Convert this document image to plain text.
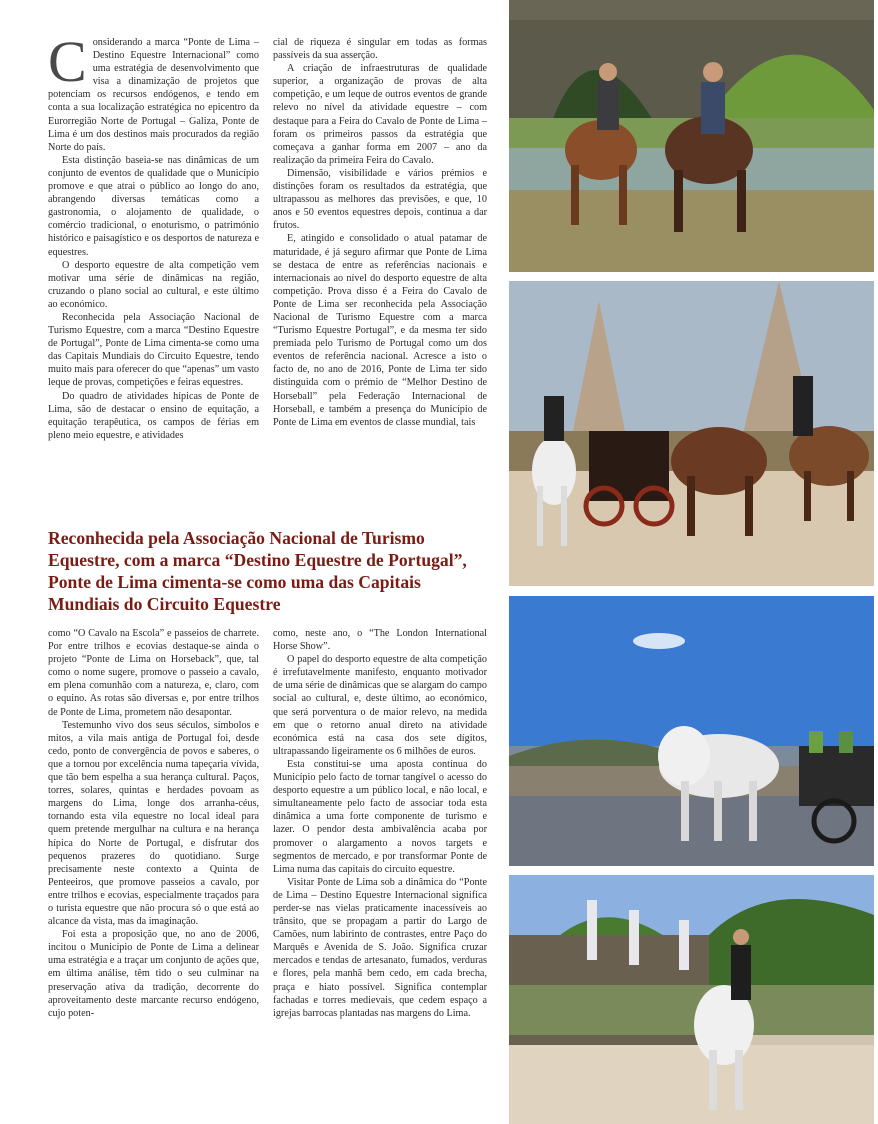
C onsiderando a marca “Ponte de Lima – Destino Equestre Internacional” como uma estratégia de desenvolvimento que visa a dinamização de projetos que potenciam os recursos endógenos, e tendo em conta a sua localização estratégica no epicentro da Eurorregião Norte de Portugal – Galiza, Ponte de Lima é um dos destinos mais procurados da região Norte do país.

Esta distinção baseia-se nas dinâmicas de um conjunto de eventos de qualidade que o Município promove e que atrai o público ao longo do ano, abrangendo diversas temáticas como a gastronomia, o alojamento de qualidade, o comércio tradicional, o enoturismo, o património histórico e paisagístico e os desportos de natureza e equestres.

O desporto equestre de alta competição vem motivar uma série de dinâmicas na região, cruzando o plano social ao cultural, e este último ao económico.

Reconhecida pela Associação Nacional de Turismo Equestre, com a marca “Destino Equestre de Portugal”, Ponte de Lima cimenta-se como uma das Capitais Mundiais do Circuito Equestre, tendo muito mais para oferecer do que “apenas” um vasto leque de provas, competições e feiras equestres.

Do quadro de atividades hípicas de Ponte de Lima, são de destacar o ensino de equitação, a equitação terapêutica, os campos de férias em pleno meio equestre, e atividades

cial de riqueza é singular em todas as formas passíveis da sua asserção.

A criação de infraestruturas de qualidade superior, a organização de provas de alta competição, e um leque de outros eventos de grande relevo no nível da atividade equestre – com destaque para a Feira do Cavalo de Ponte de Lima – foram os primeiros passos da estratégia que começava a ganhar forma em 2007 – ano da realização da primeira Feira do Cavalo.

Dimensão, visibilidade e vários prémios e distinções foram os resultados da estratégia, que ultrapassou as melhores das previsões, e que, 10 anos e 50 eventos equestres depois, continua a dar frutos.

E, atingido e consolidado o atual patamar de maturidade, é já seguro afirmar que Ponte de Lima se destaca de entre as referências nacionais e internacionais ao nível do desporto equestre de alta competição. Prova disso é a Feira do Cavalo de Ponte de Lima ser reconhecida pela Associação Nacional de Turismo Equestre com a marca “Turismo Equestre Portugal”, e da mesma ter sido premiada pelo Turismo de Portugal como um dos eventos de referência nacional. Acresce a isto o facto de, no ano de 2016, Ponte de Lima ter sido distinguida com o prémio de “Melhor Destino de Horseball” pela Federação Internacional de Horseball, e também a presença do Município de Ponte de Lima em eventos de classe mundial, tais

Reconhecida pela Associação Nacional de Turismo Equestre, com a marca “Destino Equestre de Portugal”, Ponte de Lima cimenta-se como uma das Capitais Mundiais do Circuito Equestre

como “O Cavalo na Escola” e passeios de charrete. Por entre trilhos e ecovias destaque-se ainda o projeto “Ponte de Lima on Horseback”, que, tal como o nome sugere, promove o passeio a cavalo, em plena comunhão com a natureza, e, claro, com o equino. As rotas são diversas e, por entre trilhos de Ponte de Lima, prometem não desapontar.

Testemunho vivo dos seus séculos, símbolos e mitos, a vila mais antiga de Portugal foi, desde cedo, ponto de convergência de povos e saberes, o que a tornou por excelência numa tapeçaria vívida, que tão bem espelha a sua herança cultural. Paços, torres, solares, quintas e herdades povoam as margens do Lima, longe dos arranha-céus, tornando esta vila equestre no local ideal para quem pretende mergulhar na cultura e na herança hípica do Norte de Portugal, e disfrutar dos pequenos prazeres do quotidiano. Surge precisamente neste contexto a Quinta de Penteeiros, que promove passeios a cavalo, por entre trilhos e ecovias, especialmente traçados para o turista equestre que não procura só o que está ao alcance da vista, mas da imaginação.

Foi esta a proposição que, no ano de 2006, incitou o Município de Ponte de Lima a delinear uma estratégia e a traçar um conjunto de ações que, em última análise, têm tido o seu culminar na preservação ativa da tradição, decorrente do aproveitamento deste marcante recurso endógeno, cujo poten-

como, neste ano, o “The London International Horse Show”.

O papel do desporto equestre de alta competição é irrefutavelmente manifesto, enquanto motivador de uma série de dinâmicas que se alargam do campo social ao cultural, e, deste último, ao económico, que será porventura o de maior relevo, na medida em que o retorno anual direto na atividade económica está na casa dos sete dígitos, ultrapassando ligeiramente os 6 milhões de euros.

Esta constitui-se uma aposta contínua do Município pelo facto de tornar tangível o acesso do desporto equestre a um público local, e não local, e simultaneamente pelo facto de associar toda esta dinâmica a uma forte componente de turismo e lazer. O pendor desta ambivalência acaba por promover o alargamento a novos targets e segmentos de mercado, e por transformar Ponte de Lima numa das capitais do circuito equestre.

Visitar Ponte de Lima sob a dinâmica do “Ponte de Lima – Destino Equestre Internacional significa perder-se nas vielas praticamente inacessíveis ao trânsito, que se propagam a partir do Largo de Camões, num labirinto de contrastes, entre Paço do Marquês e Avenida de S. João. Significa cruzar mercados e tendas de artesanato, fumados, verduras e flores, pela manhã bem cedo, em cada brecha, praça e hiato possível. Significa contemplar fachadas e torres medievais, que cedem espaço a igrejas barrocas plantadas nas margens do Lima.
